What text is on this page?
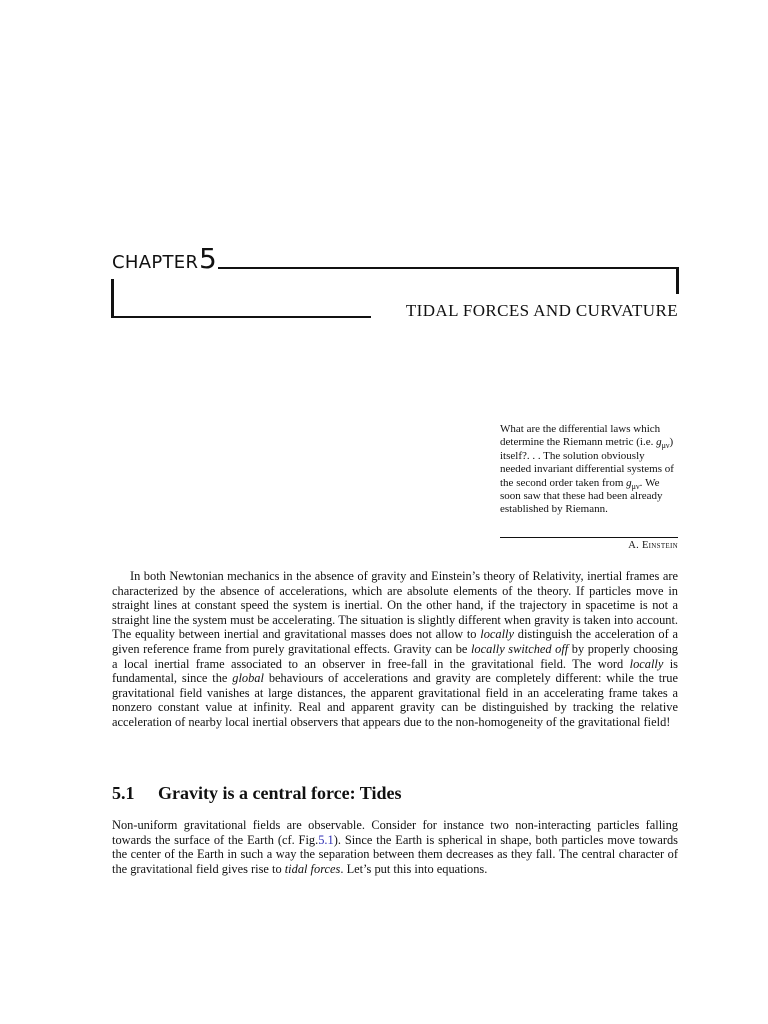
CHAPTER 5
TIDAL FORCES AND CURVATURE
What are the differential laws which determine the Riemann metric (i.e. $g_{\mu\nu}$) itself?. . . The solution obviously needed invariant differential systems of the second order taken from $g_{\mu\nu}$. We soon saw that these had been already established by Riemann.
A. Einstein

In both Newtonian mechanics in the absence of gravity and Einstein’s theory of Relativity, inertial frames are characterized by the absence of accelerations, which are absolute elements of the theory. If particles move in straight lines at constant speed the system is inertial. On the other hand, if the trajectory in spacetime is not a straight line the system must be accelerating. The situation is slightly different when gravity is taken into account. The equality between inertial and gravitational masses does not allow to locally distinguish the acceleration of a given reference frame from purely gravitational effects. Gravity can be locally switched off by properly choosing a local inertial frame associated to an observer in free-fall in the gravitational field. The word locally is fundamental, since the global behaviours of accelerations and gravity are completely different: while the true gravitational field vanishes at large distances, the apparent gravitational field in an accelerating frame takes a nonzero constant value at infinity. Real and apparent gravity can be distinguished by tracking the relative acceleration of nearby local inertial observers that appears due to the non-homogeneity of the gravitational field!

5.1 Gravity is a central force: Tides

Non-uniform gravitational fields are observable. Consider for instance two non-interacting particles falling towards the surface of the Earth (cf. Fig.5.1). Since the Earth is spherical in shape, both particles move towards the center of the Earth in such a way the separation between them decreases as they fall. The central character of the gravitational field gives rise to tidal forces. Let’s put this into equations.
